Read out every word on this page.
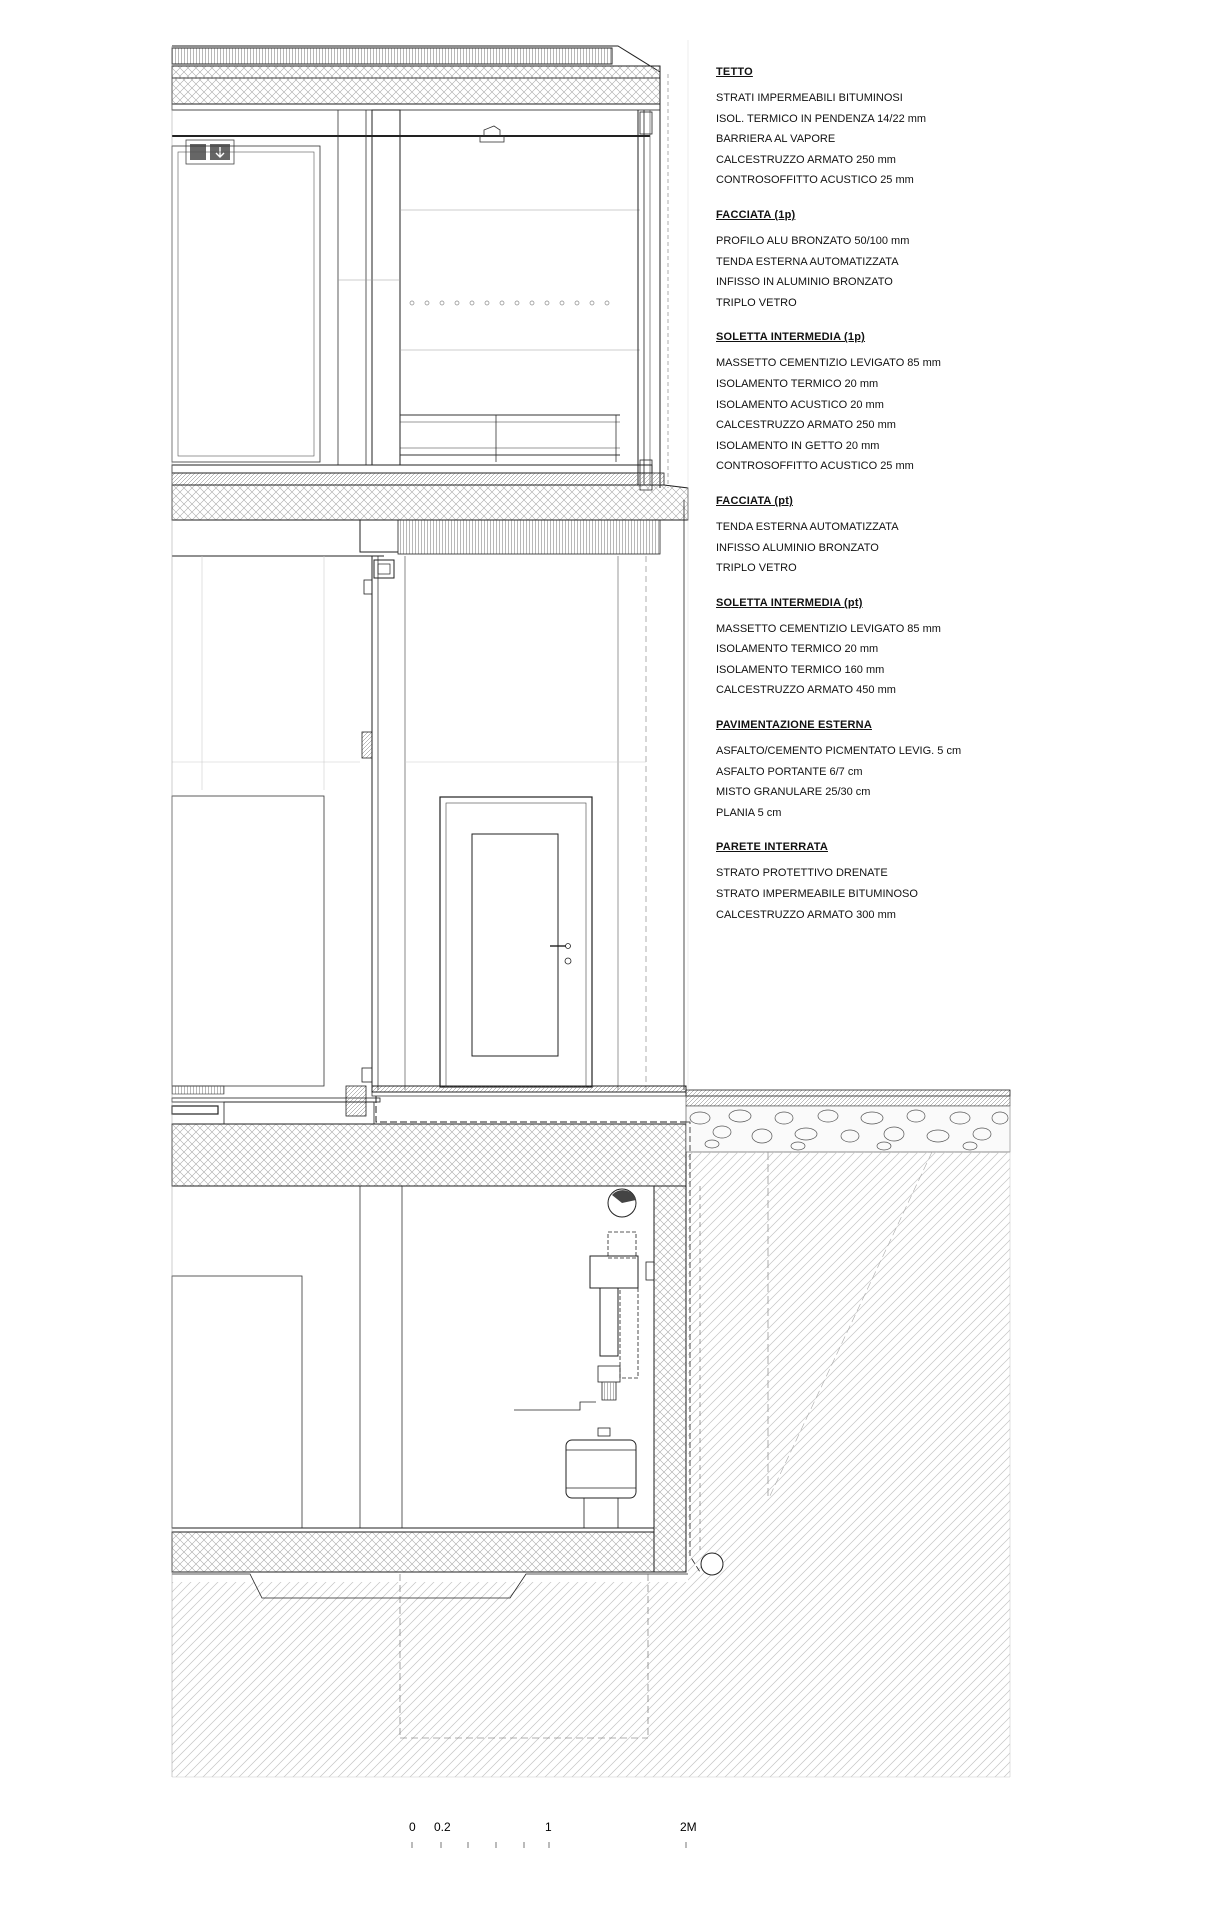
0 0.2	1	2M
TETTO
STRATI IMPERMEABILI BITUMINOSI
ISOL. TERMICO IN PENDENZA 14/22 mm
BARRIERA AL VAPORE
CALCESTRUZZO ARMATO 250 mm
CONTROSOFFITTO ACUSTICO 25 mm
FACCIATA (1p)
PROFILO ALU BRONZATO 50/100 mm
TENDA ESTERNA AUTOMATIZZATA
INFISSO IN ALUMINIO BRONZATO
TRIPLO VETRO
SOLETTA INTERMEDIA (1p)
MASSETTO CEMENTIZIO LEVIGATO 85 mm
ISOLAMENTO TERMICO 20 mm
ISOLAMENTO ACUSTICO 20 mm
CALCESTRUZZO ARMATO 250 mm
ISOLAMENTO IN GETTO 20 mm
CONTROSOFFITTO ACUSTICO 25 mm
FACCIATA (pt)
TENDA ESTERNA AUTOMATIZZATA
INFISSO ALUMINIO BRONZATO
TRIPLO VETRO
SOLETTA INTERMEDIA (pt)
MASSETTO CEMENTIZIO LEVIGATO 85 mm
ISOLAMENTO TERMICO 20 mm
ISOLAMENTO TERMICO 160 mm
CALCESTRUZZO ARMATO 450 mm
PAVIMENTAZIONE ESTERNA
ASFALTO/CEMENTO PICMENTATO LEVIG. 5 cm
ASFALTO PORTANTE 6/7 cm
MISTO GRANULARE 25/30 cm
PLANIA 5 cm
PARETE INTERRATA
STRATO PROTETTIVO DRENATE
STRATO IMPERMEABILE BITUMINOSO
CALCESTRUZZO ARMATO 300 mm
